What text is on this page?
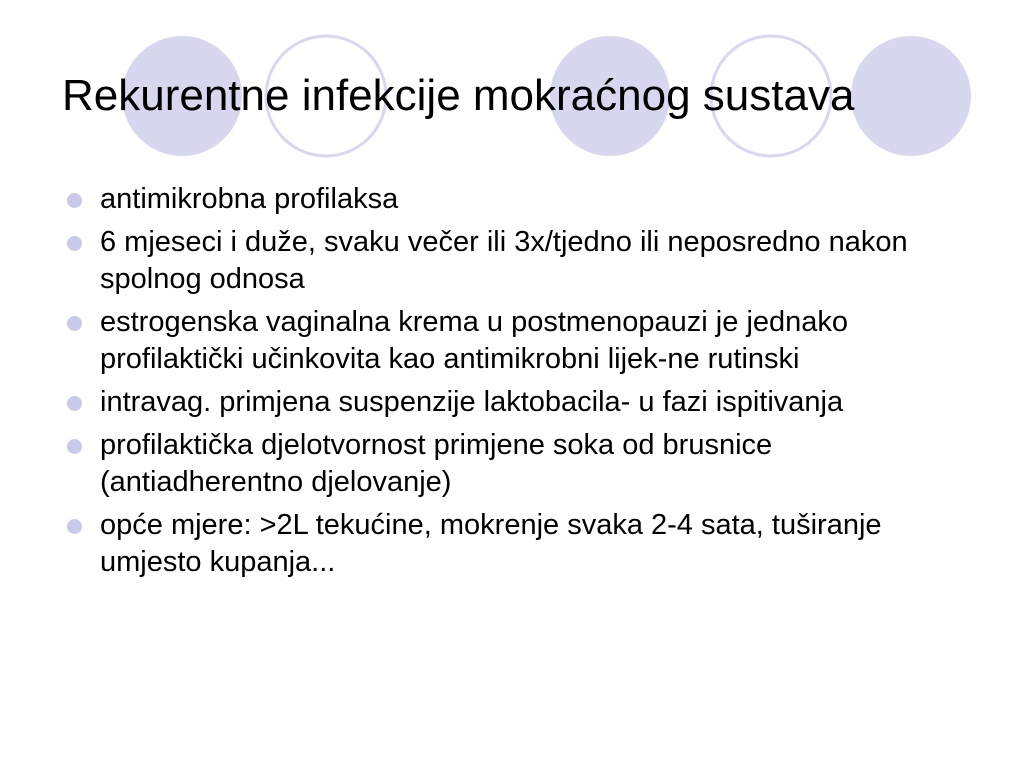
Rekurentne infekcije mokraćnog sustava
antimikrobna profilaksa
6 mjeseci i duže, svaku večer ili 3x/tjedno ili neposredno nakon spolnog odnosa
estrogenska vaginalna krema u postmenopauzi je jednako profilaktički učinkovita kao antimikrobni lijek-ne rutinski
intravag. primjena suspenzije laktobacila- u fazi ispitivanja
profilaktička djelotvornost primjene soka od brusnice (antiadherentno djelovanje)
opće mjere: >2L tekućine, mokrenje svaka 2-4 sata, tuširanje umjesto kupanja...
